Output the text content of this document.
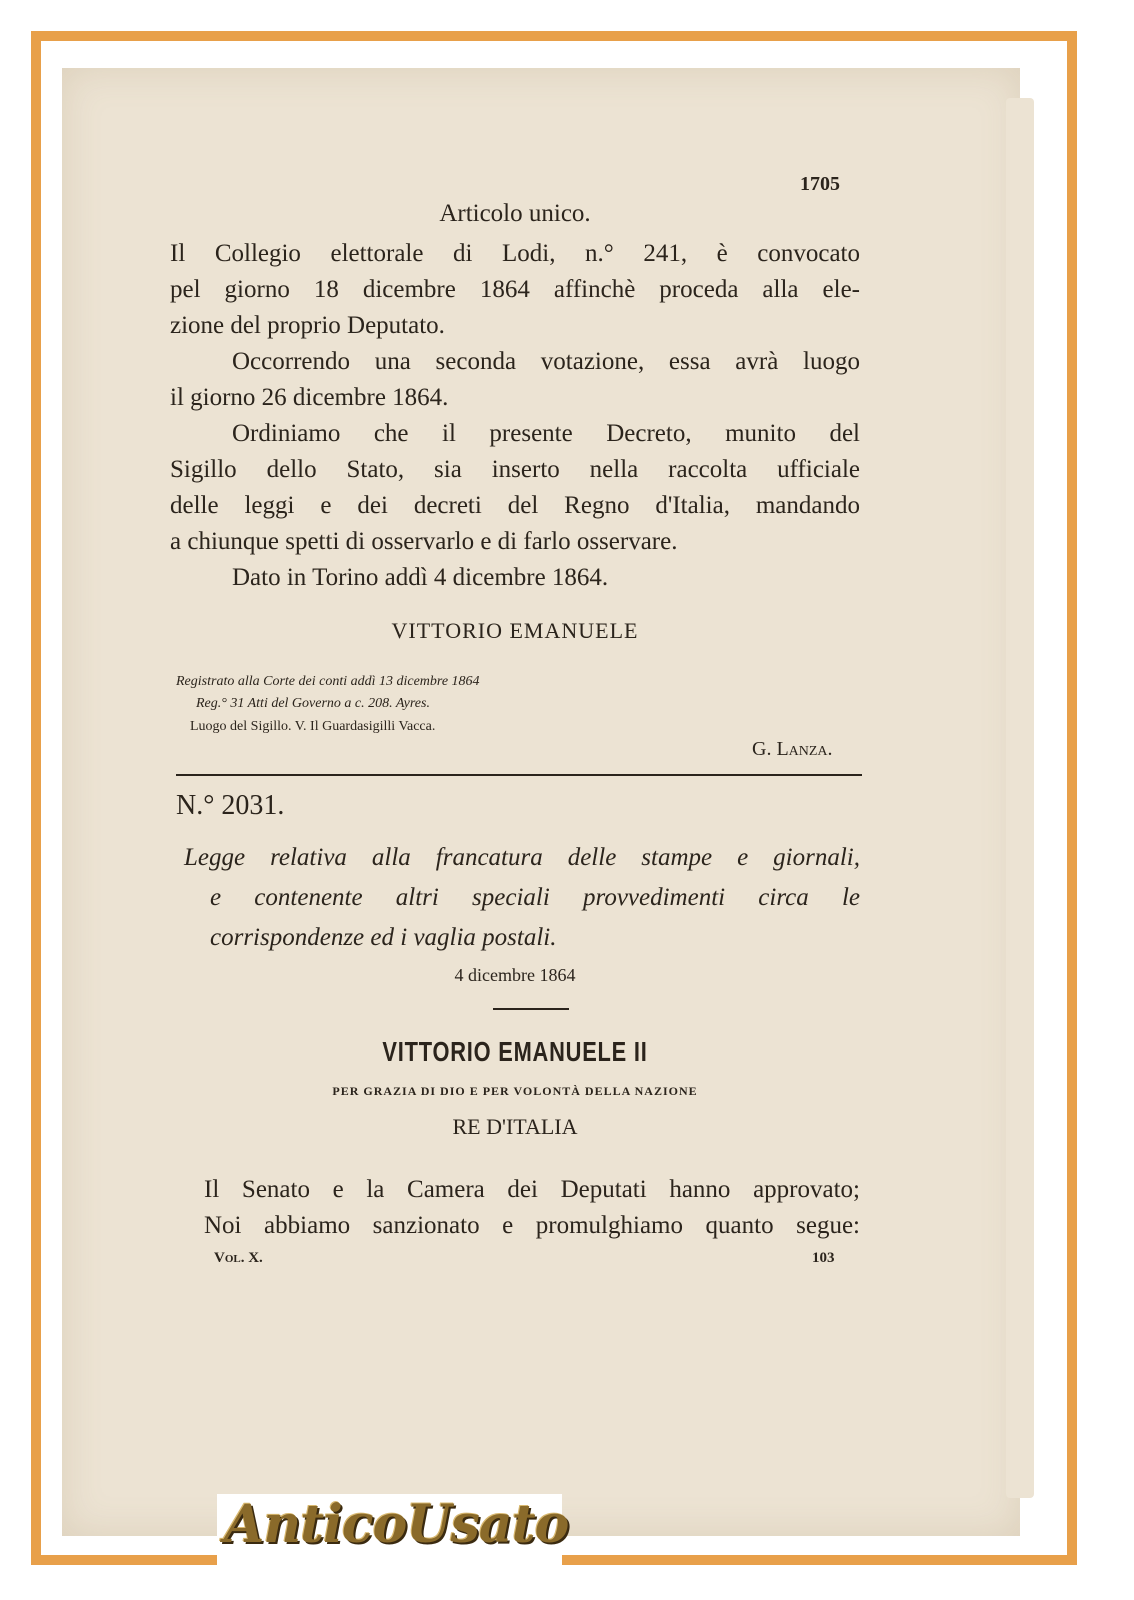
1705
Articolo unico.
Il Collegio elettorale di Lodi, n.° 241, è convocato
pel giorno 18 dicembre 1864 affinchè proceda alla ele-
zione del proprio Deputato.
Occorrendo una seconda votazione, essa avrà luogo
il giorno 26 dicembre 1864.
Ordiniamo che il presente Decreto, munito del
Sigillo dello Stato, sia inserto nella raccolta ufficiale
delle leggi e dei decreti del Regno d'Italia, mandando
a chiunque spetti di osservarlo e di farlo osservare.
Dato in Torino addì 4 dicembre 1864.
VITTORIO EMANUELE
Registrato alla Corte dei conti addì 13 dicembre 1864
Reg.° 31 Atti del Governo a c. 208. Ayres.
Luogo del Sigillo. V. Il Guardasigilli Vacca.
G. Lanza.
N.° 2031.
Legge relativa alla francatura delle stampe e giornali,
e contenente altri speciali provvedimenti circa le
corrispondenze ed i vaglia postali.
4 dicembre 1864
VITTORIO EMANUELE II
PER GRAZIA DI DIO E PER VOLONTÀ DELLA NAZIONE
RE D'ITALIA
Il Senato e la Camera dei Deputati hanno approvato;
Noi abbiamo sanzionato e promulghiamo quanto segue:
Vol. X.	103
AnticoUsato
